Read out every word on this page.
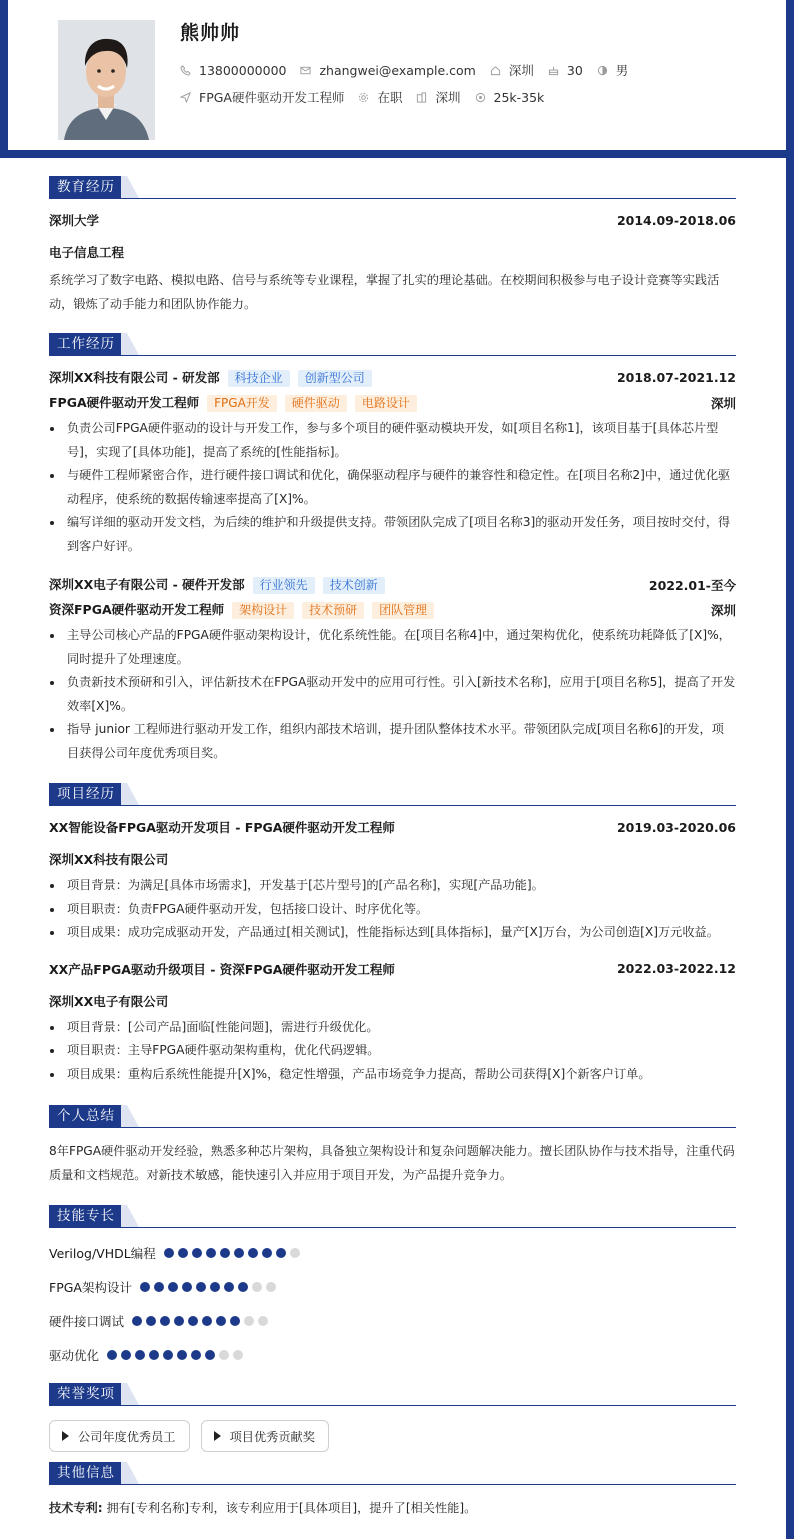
熊帅帅
13800000000	zhangwei@example.com	深圳	30	男
FPGA硬件驱动开发工程师	在职	深圳	25k-35k
教育经历
深圳大学	2014.09-2018.06
电子信息工程
系统学习了数字电路、模拟电路、信号与系统等专业课程，掌握了扎实的理论基础。在校期间积极参与电子设计竞赛等实践活动，锻炼了动手能力和团队协作能力。
工作经历
深圳XX科技有限公司 - 研发部 科技企业 创新型公司	2018.07-2021.12
FPGA硬件驱动开发工程师 FPGA开发 硬件驱动 电路设计	深圳
负责公司FPGA硬件驱动的设计与开发工作，参与多个项目的硬件驱动模块开发，如[项目名称1]，该项目基于[具体芯片型号]，实现了[具体功能]，提高了系统的[性能指标]。
与硬件工程师紧密合作，进行硬件接口调试和优化，确保驱动程序与硬件的兼容性和稳定性。在[项目名称2]中，通过优化驱动程序，使系统的数据传输速率提高了[X]%。
编写详细的驱动开发文档，为后续的维护和升级提供支持。带领团队完成了[项目名称3]的驱动开发任务，项目按时交付，得到客户好评。
深圳XX电子有限公司 - 硬件开发部 行业领先 技术创新	2022.01-至今
资深FPGA硬件驱动开发工程师 架构设计 技术预研 团队管理	深圳
主导公司核心产品的FPGA硬件驱动架构设计，优化系统性能。在[项目名称4]中，通过架构优化，使系统功耗降低了[X]%，同时提升了处理速度。
负责新技术预研和引入，评估新技术在FPGA驱动开发中的应用可行性。引入[新技术名称]，应用于[项目名称5]，提高了开发效率[X]%。
指导 junior 工程师进行驱动开发工作，组织内部技术培训，提升团队整体技术水平。带领团队完成[项目名称6]的开发，项目获得公司年度优秀项目奖。
项目经历
XX智能设备FPGA驱动开发项目 - FPGA硬件驱动开发工程师	2019.03-2020.06
深圳XX科技有限公司
项目背景：为满足[具体市场需求]，开发基于[芯片型号]的[产品名称]，实现[产品功能]。
项目职责：负责FPGA硬件驱动开发，包括接口设计、时序优化等。
项目成果：成功完成驱动开发，产品通过[相关测试]，性能指标达到[具体指标]，量产[X]万台，为公司创造[X]万元收益。
XX产品FPGA驱动升级项目 - 资深FPGA硬件驱动开发工程师	2022.03-2022.12
深圳XX电子有限公司
项目背景：[公司产品]面临[性能问题]，需进行升级优化。
项目职责：主导FPGA硬件驱动架构重构，优化代码逻辑。
项目成果：重构后系统性能提升[X]%，稳定性增强，产品市场竞争力提高，帮助公司获得[X]个新客户订单。
个人总结
8年FPGA硬件驱动开发经验，熟悉多种芯片架构，具备独立架构设计和复杂问题解决能力。擅长团队协作与技术指导，注重代码质量和文档规范。对新技术敏感，能快速引入并应用于项目开发，为产品提升竞争力。
技能专长
Verilog/VHDL编程
FPGA架构设计
硬件接口调试
驱动优化
荣誉奖项
公司年度优秀员工
	项目优秀贡献奖
其他信息
技术专利: 拥有[专利名称]专利，该专利应用于[具体项目]，提升了[相关性能]。
